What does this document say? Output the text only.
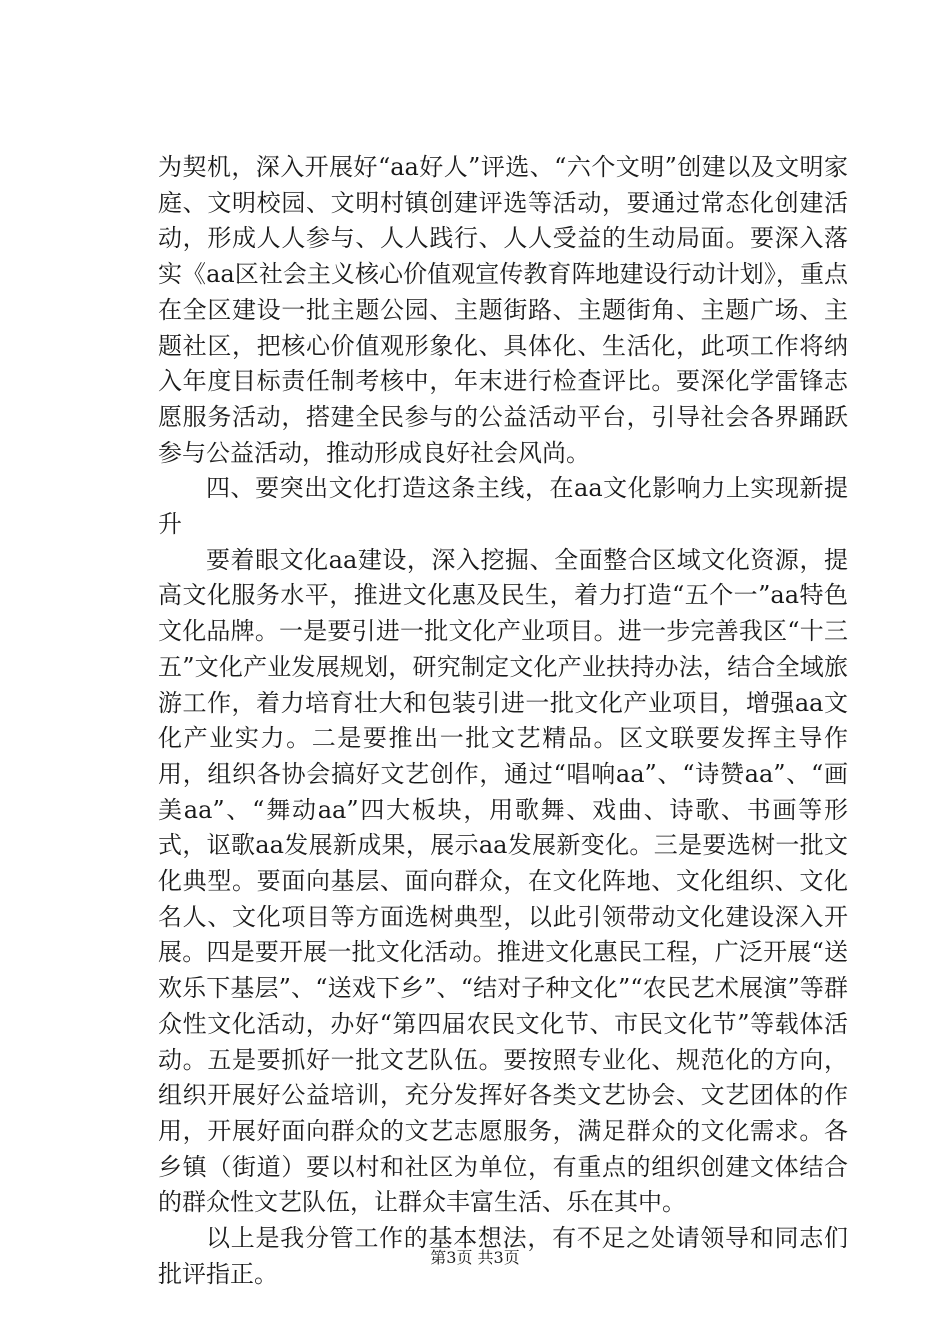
为契机，深入开展好“aa好人”评选、“六个文明”创建以及文明家庭、文明校园、文明村镇创建评选等活动，要通过常态化创建活动，形成人人参与、人人践行、人人受益的生动局面。要深入落实《aa区社会主义核心价值观宣传教育阵地建设行动计划》，重点在全区建设一批主题公园、主题街路、主题街角、主题广场、主题社区，把核心价值观形象化、具体化、生活化，此项工作将纳入年度目标责任制考核中，年末进行检查评比。要深化学雷锋志愿服务活动，搭建全民参与的公益活动平台，引导社会各界踊跃参与公益活动，推动形成良好社会风尚。

四、要突出文化打造这条主线，在aa文化影响力上实现新提升

要着眼文化aa建设，深入挖掘、全面整合区域文化资源，提高文化服务水平，推进文化惠及民生，着力打造“五个一”aa特色文化品牌。一是要引进一批文化产业项目。进一步完善我区“十三五”文化产业发展规划，研究制定文化产业扶持办法，结合全域旅游工作，着力培育壮大和包装引进一批文化产业项目，增强aa文化产业实力。二是要推出一批文艺精品。区文联要发挥主导作用，组织各协会搞好文艺创作，通过“唱响aa”、“诗赞aa”、“画美aa”、“舞动aa”四大板块，用歌舞、戏曲、诗歌、书画等形式，讴歌aa发展新成果，展示aa发展新变化。三是要选树一批文化典型。要面向基层、面向群众，在文化阵地、文化组织、文化名人、文化项目等方面选树典型，以此引领带动文化建设深入开展。四是要开展一批文化活动。推进文化惠民工程，广泛开展“送欢乐下基层”、“送戏下乡”、“结对子种文化”“农民艺术展演”等群众性文化活动，办好“第四届农民文化节、市民文化节”等载体活动。五是要抓好一批文艺队伍。要按照专业化、规范化的方向，组织开展好公益培训，充分发挥好各类文艺协会、文艺团体的作用，开展好面向群众的文艺志愿服务，满足群众的文化需求。各乡镇（街道）要以村和社区为单位，有重点的组织创建文体结合的群众性文艺队伍，让群众丰富生活、乐在其中。

以上是我分管工作的基本想法，有不足之处请领导和同志们批评指正。

第3页 共3页
